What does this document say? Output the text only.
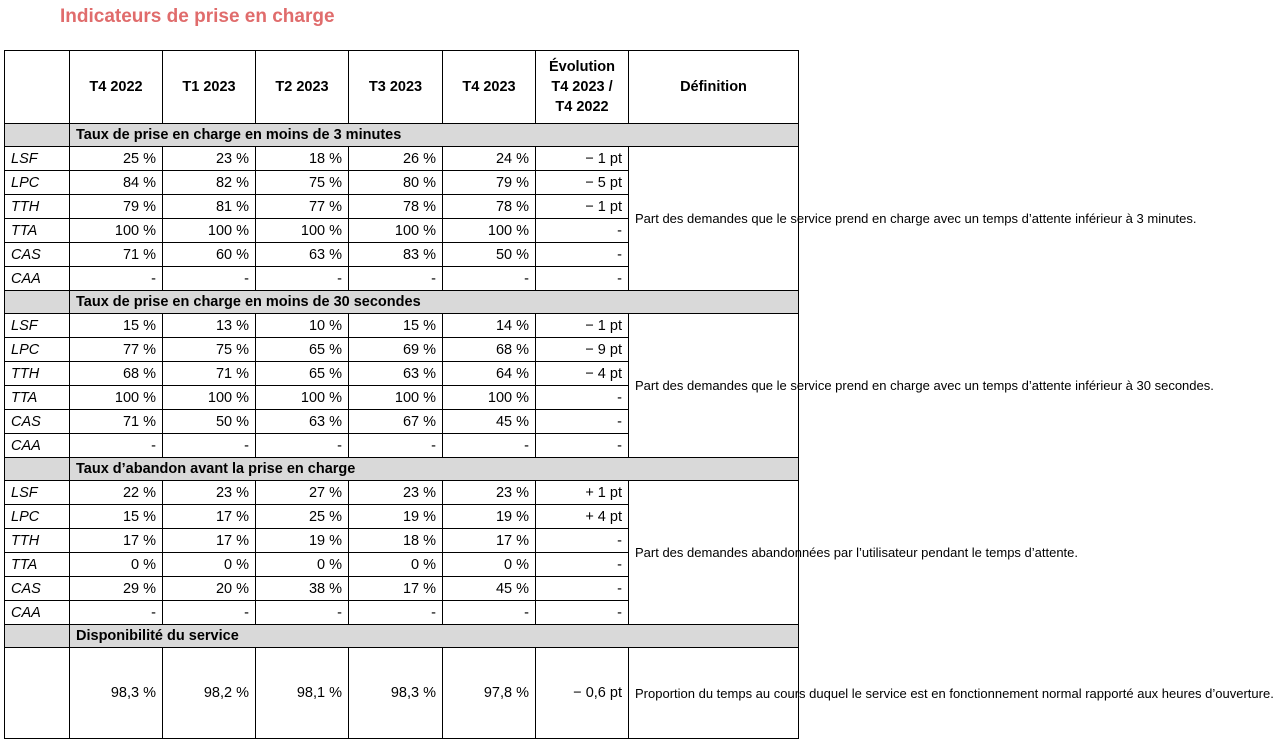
Indicateurs de prise en charge
	T4 2022	T1 2023	T2 2023	T3 2023	T4 2023	Évolution T4 2023 / T4 2022	Définition
	Taux de prise en charge en moins de 3 minutes						
LSF	25 %	23 %	18 %	26 %	24 %	− 1 pt	Part des demandes que le service prend en charge avec un temps d’attente inférieur à 3 minutes.
LPC	84 %	82 %	75 %	80 %	79 %	− 5 pt	
TTH	79 %	81 %	77 %	78 %	78 %	− 1 pt	
TTA	100 %	100 %	100 %	100 %	100 %	-	
CAS	71 %	60 %	63 %	83 %	50 %	-	
CAA	-	-	-	-	-	-	
	Taux de prise en charge en moins de 30 secondes						
LSF	15 %	13 %	10 %	15 %	14 %	− 1 pt	Part des demandes que le service prend en charge avec un temps d’attente inférieur à 30 secondes.
LPC	77 %	75 %	65 %	69 %	68 %	− 9 pt	
TTH	68 %	71 %	65 %	63 %	64 %	− 4 pt	
TTA	100 %	100 %	100 %	100 %	100 %	-	
CAS	71 %	50 %	63 %	67 %	45 %	-	
CAA	-	-	-	-	-	-	
	Taux d’abandon avant la prise en charge						
LSF	22 %	23 %	27 %	23 %	23 %	+ 1 pt	Part des demandes abandonnées par l’utilisateur pendant le temps d’attente.
LPC	15 %	17 %	25 %	19 %	19 %	+ 4 pt	
TTH	17 %	17 %	19 %	18 %	17 %	-	
TTA	0 %	0 %	0 %	0 %	0 %	-	
CAS	29 %	20 %	38 %	17 %	45 %	-	
CAA	-	-	-	-	-	-	
	Disponibilité du service						
	98,3 %	98,2 %	98,1 %	98,3 %	97,8 %	− 0,6 pt	Proportion du temps au cours duquel le service est en fonctionnement normal rapporté aux heures d’ouverture.
